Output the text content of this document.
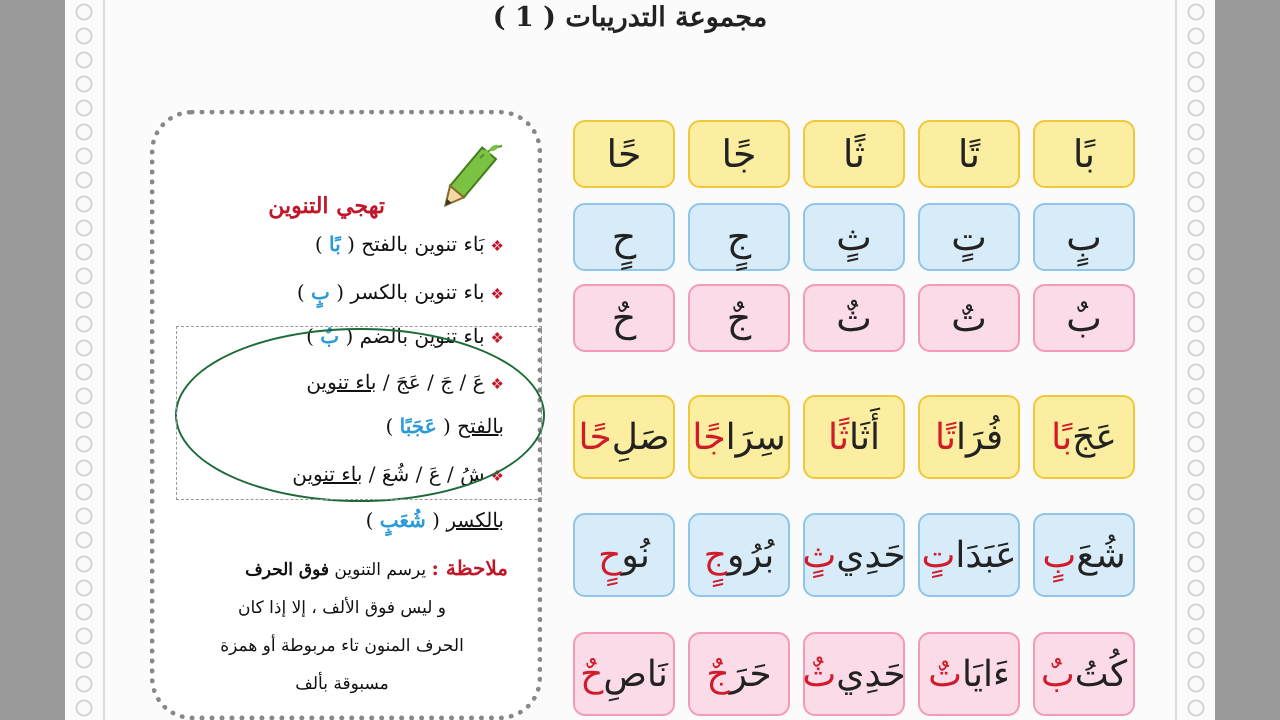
مجموعة التدريبات ( 1 )
تهجي التنوين
❖بَاء تنوين بالفتح ( بًا )
❖باء تنوين بالكسر ( بٍ )
❖باء تنوين بالضم ( بٌ )
❖عَ / جَ / عَجَ / باء تنوين
بالفتح ( عَجَبًا )
❖شُ / عَ / شُعَ / باء تنوين
بالكسر ( شُعَبٍ )
ملاحظة : يرسم التنوين فوق الحرف
و ليس فوق الألف ، إلا إذا كان
الحرف المنون تاء مربوطة أو همزة
مسبوقة بألف
بًا
تًا
ثًا
جًا
حًا
بٍ
تٍ
ثٍ
جٍ
حٍ
بٌ
تٌ
ثٌ
جٌ
حٌ
عَجَ
بًا
فُرَا
تًا
أَثَا
ثًا
سِرَا
جًا
صَلِ
حًا
شُعَ
بٍ
عَبَدَا
تٍ
حَدِي
ثٍ
بُرُو
جٍ
نُو
حٍ
كُتُ
بٌ
ءَايَا
تٌ
حَدِي
ثٌ
حَرَ
جٌ
نَاصِ
حٌ
